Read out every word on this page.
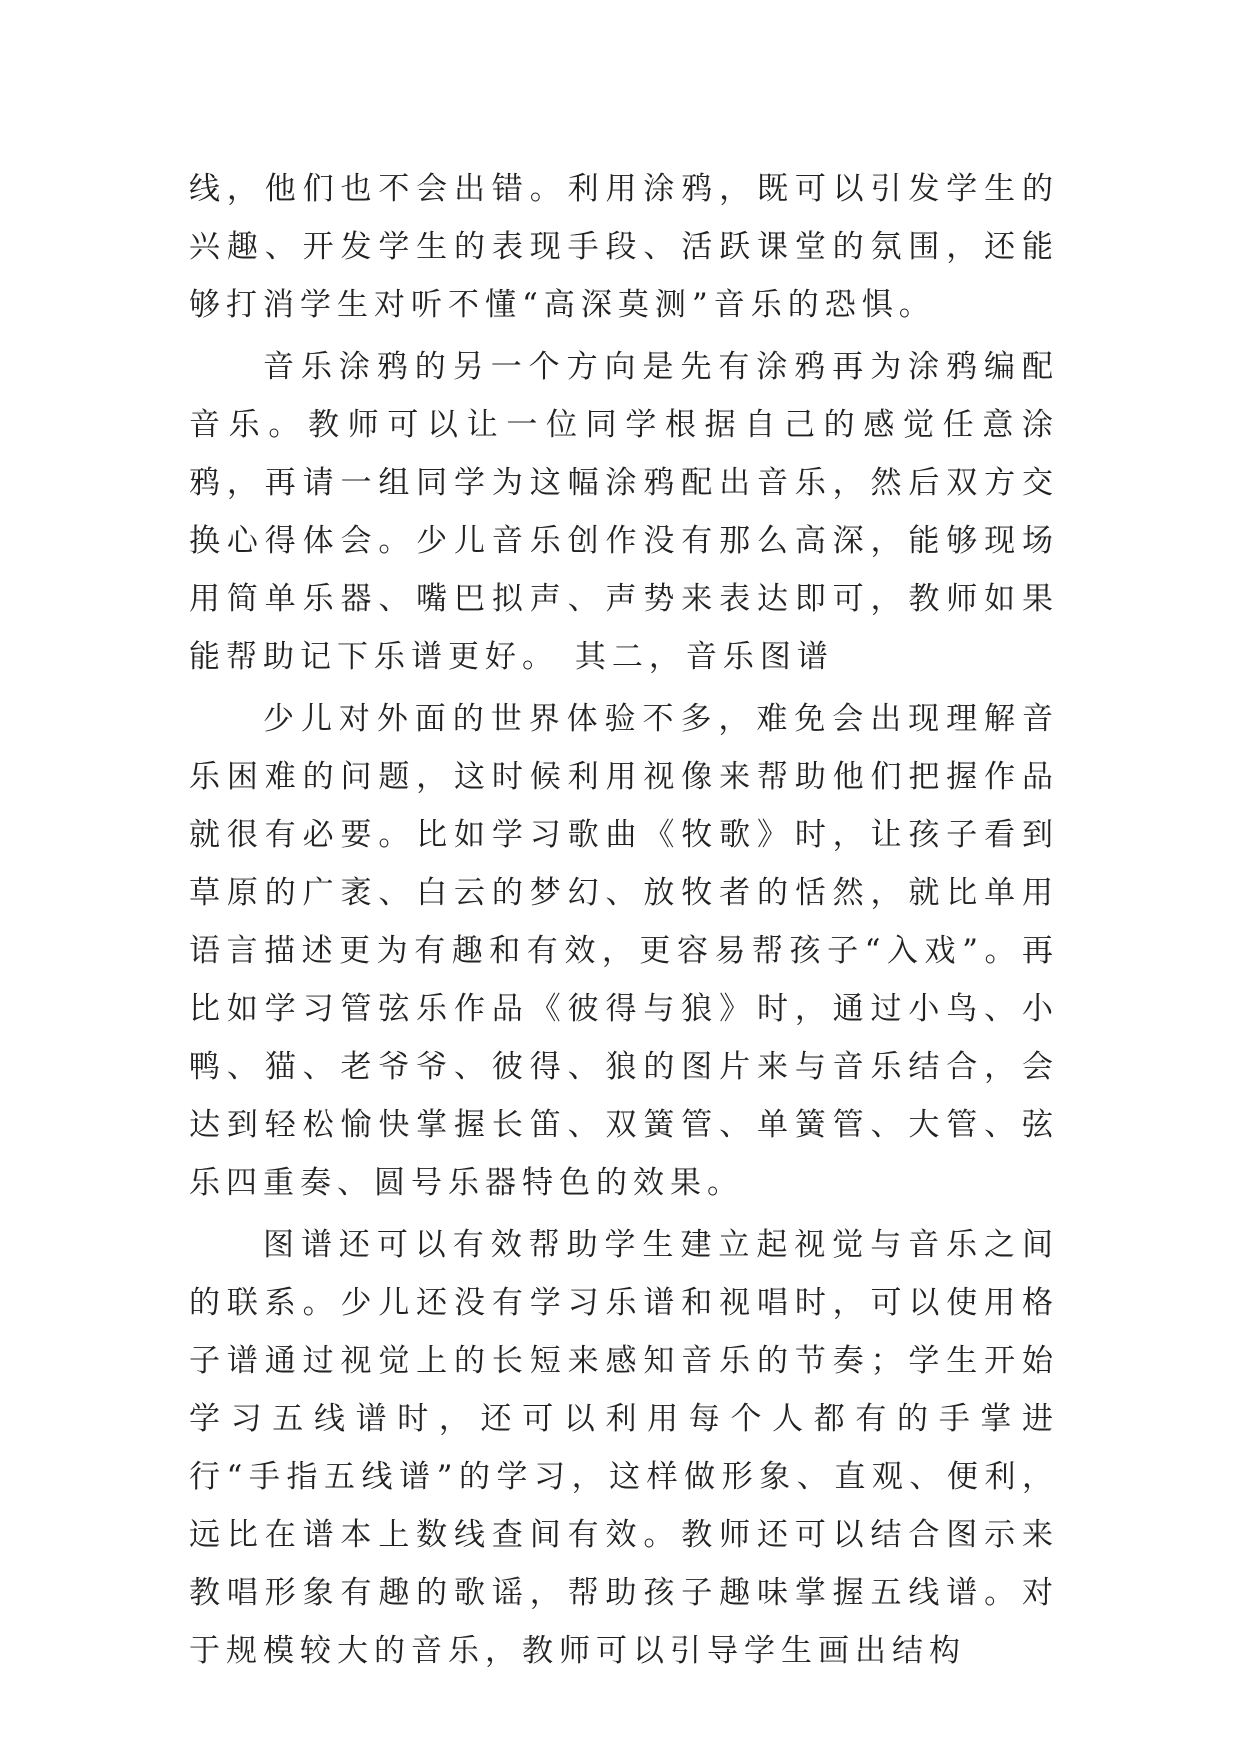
线，他们也不会出错。利用涂鸦，既可以引发学生的兴趣、开发学生的表现手段、活跃课堂的氛围，还能够打消学生对听不懂“高深莫测”音乐的恐惧。

音乐涂鸦的另一个方向是先有涂鸦再为涂鸦编配音乐。教师可以让一位同学根据自己的感觉任意涂鸦，再请一组同学为这幅涂鸦配出音乐，然后双方交换心得体会。少儿音乐创作没有那么高深，能够现场用简单乐器、嘴巴拟声、声势来表达即可，教师如果能帮助记下乐谱更好。 其二，音乐图谱

少儿对外面的世界体验不多，难免会出现理解音乐困难的问题，这时候利用视像来帮助他们把握作品就很有必要。比如学习歌曲《牧歌》时，让孩子看到草原的广袤、白云的梦幻、放牧者的恬然，就比单用语言描述更为有趣和有效，更容易帮孩子“入戏”。再比如学习管弦乐作品《彼得与狼》时，通过小鸟、小鸭、猫、老爷爷、彼得、狼的图片来与音乐结合，会达到轻松愉快掌握长笛、双簧管、单簧管、大管、弦乐四重奏、圆号乐器特色的效果。

图谱还可以有效帮助学生建立起视觉与音乐之间的联系。少儿还没有学习乐谱和视唱时，可以使用格子谱通过视觉上的长短来感知音乐的节奏；学生开始学习五线谱时，还可以利用每个人都有的手掌进行“手指五线谱”的学习，这样做形象、直观、便利，远比在谱本上数线查间有效。教师还可以结合图示来教唱形象有趣的歌谣，帮助孩子趣味掌握五线谱。对于规模较大的音乐，教师可以引导学生画出结构
